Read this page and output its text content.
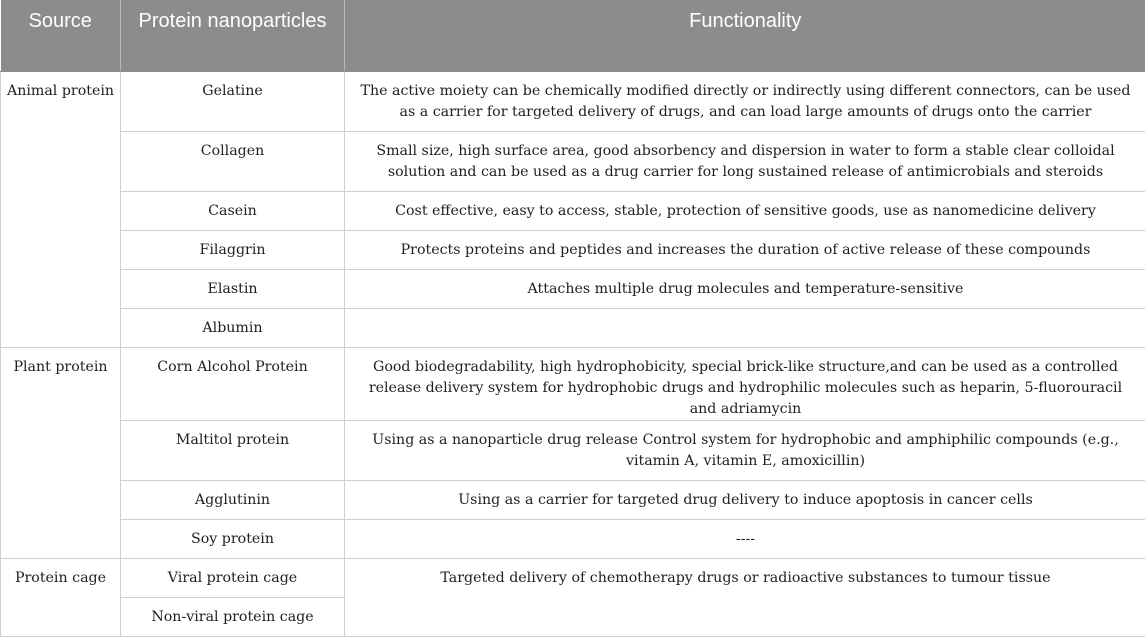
Source	Protein nanoparticles	Functionality
Animal protein	Gelatine	The active moiety can be chemically modified directly or indirectly using different connectors, can be used as a carrier for targeted delivery of drugs, and can load large amounts of drugs onto the carrier
	Collagen	Small size, high surface area, good absorbency and dispersion in water to form a stable clear colloidal solution and can be used as a drug carrier for long sustained release of antimicrobials and steroids
	Casein	Cost effective, easy to access, stable, protection of sensitive goods, use as nanomedicine delivery
	Filaggrin	Protects proteins and peptides and increases the duration of active release of these compounds
	Elastin	Attaches multiple drug molecules and temperature-sensitive
	Albumin	
Plant protein	Corn Alcohol Protein	Good biodegradability, high hydrophobicity, special brick-like structure,and can be used as a controlled release delivery system for hydrophobic drugs and hydrophilic molecules such as heparin, 5-fluorouracil and adriamycin
	Maltitol protein	Using as a nanoparticle drug release Control system for hydrophobic and amphiphilic compounds (e.g., vitamin A, vitamin E, amoxicillin)
	Agglutinin	Using as a carrier for targeted drug delivery to induce apoptosis in cancer cells
	Soy protein	----
Protein cage	Viral protein cage	Targeted delivery of chemotherapy drugs or radioactive substances to tumour tissue
	Non-viral protein cage	
